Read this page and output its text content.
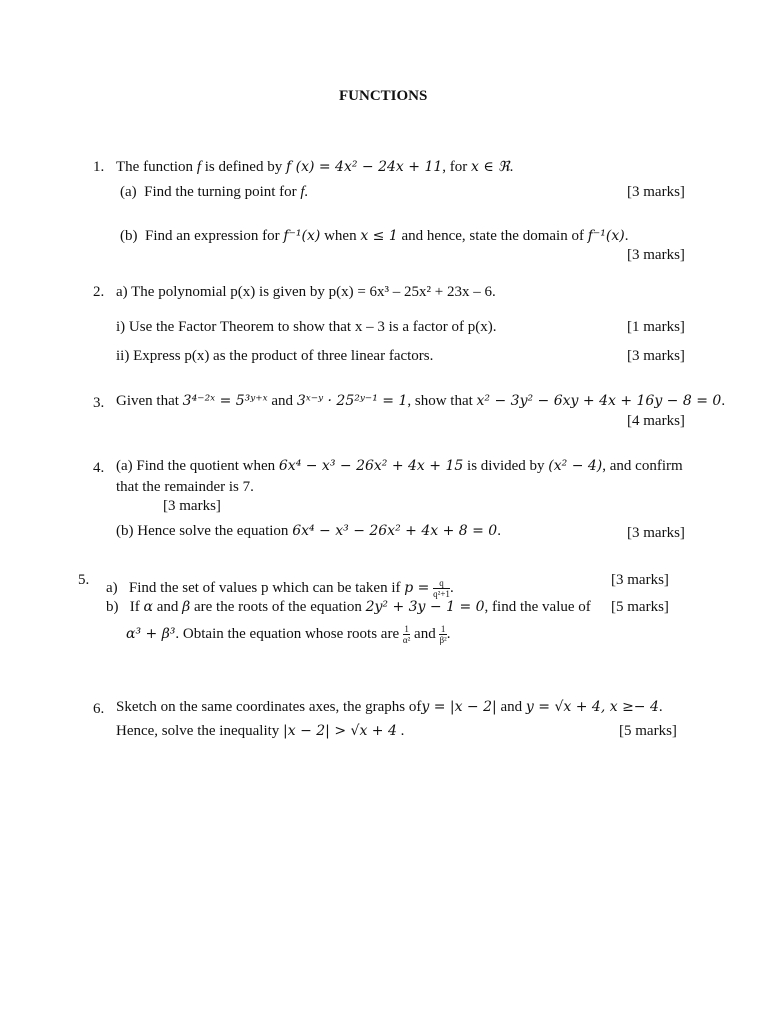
FUNCTIONS
1. The function f is defined by f (x) = 4x² − 24x + 11, for x ∈ ℜ.
(a) Find the turning point for f.	[3 marks]
(b) Find an expression for f⁻¹(x) when x ≤ 1 and hence, state the domain of f⁻¹(x).
[3 marks]
2. a) The polynomial p(x) is given by p(x) = 6x³ – 25x² + 23x – 6.
i) Use the Factor Theorem to show that x – 3 is a factor of p(x).	[1 marks]
ii) Express p(x) as the product of three linear factors.	[3 marks]
3. Given that 3⁴⁻²ˣ = 5³ʸ⁺ˣ and 3ˣ⁻ʸ · 25²ʸ⁻¹ = 1, show that x² − 3y² − 6xy + 4x + 16y − 8 = 0.
[4 marks]
4. (a) Find the quotient when 6x⁴ − x³ − 26x² + 4x + 15 is divided by (x² − 4), and confirm
that the remainder is 7.
[3 marks]
(b) Hence solve the equation 6x⁴ − x³ − 26x² + 4x + 8 = 0.	[3 marks]
5. a) Find the set of values p which can be taken if $p = \frac{q}{\text{q²+1}}$ .	[3 marks]
b) If α and β are the roots of the equation 2y² + 3y − 1 = 0, find the value of [5 marks]
α³ + β³. Obtain the equation whose roots are $\frac{1}{\text{α²}}$ and $\frac{1}{\text{β²}}$ .
6. Sketch on the same coordinates axes, the graphs ofy = |x − 2| and y = √x + 4, x ≥− 4.
Hence, solve the inequality |x − 2| > √x + 4 .	[5 marks]
